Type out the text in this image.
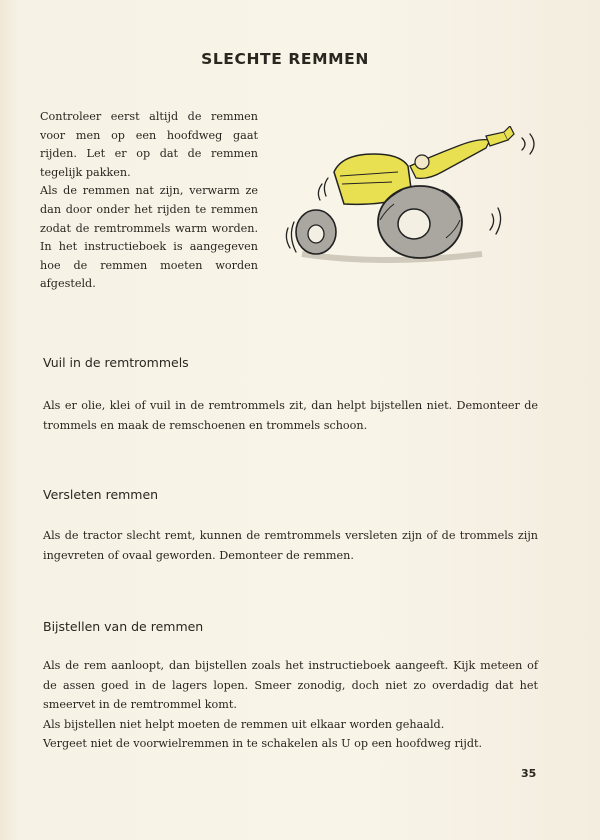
SLECHTE REMMEN

Controleer eerst altijd de remmen voor men op een hoofdweg gaat rijden. Let er op dat de remmen tegelijk pakken.

Als de remmen nat zijn, verwarm ze dan door onder het rijden te remmen zodat de remtrommels warm worden. In het instructieboek is aangegeven hoe de remmen moeten worden afgesteld.

Vuil in de remtrommels

Als er olie, klei of vuil in de remtrommels zit, dan helpt bijstellen niet. Demonteer de trommels en maak de remschoenen en trommels schoon.

Versleten remmen

Als de tractor slecht remt, kunnen de remtrommels versleten zijn of de trommels zijn ingevreten of ovaal geworden. Demonteer de remmen.

Bijstellen van de remmen

Als de rem aanloopt, dan bijstellen zoals het instructieboek aangeeft. Kijk meteen of de assen goed in de lagers lopen. Smeer zonodig, doch niet zo overdadig dat het smeervet in de remtrommel komt.

Als bijstellen niet helpt moeten de remmen uit elkaar worden gehaald.

Vergeet niet de voorwielremmen in te schakelen als U op een hoofdweg rijdt.

35
